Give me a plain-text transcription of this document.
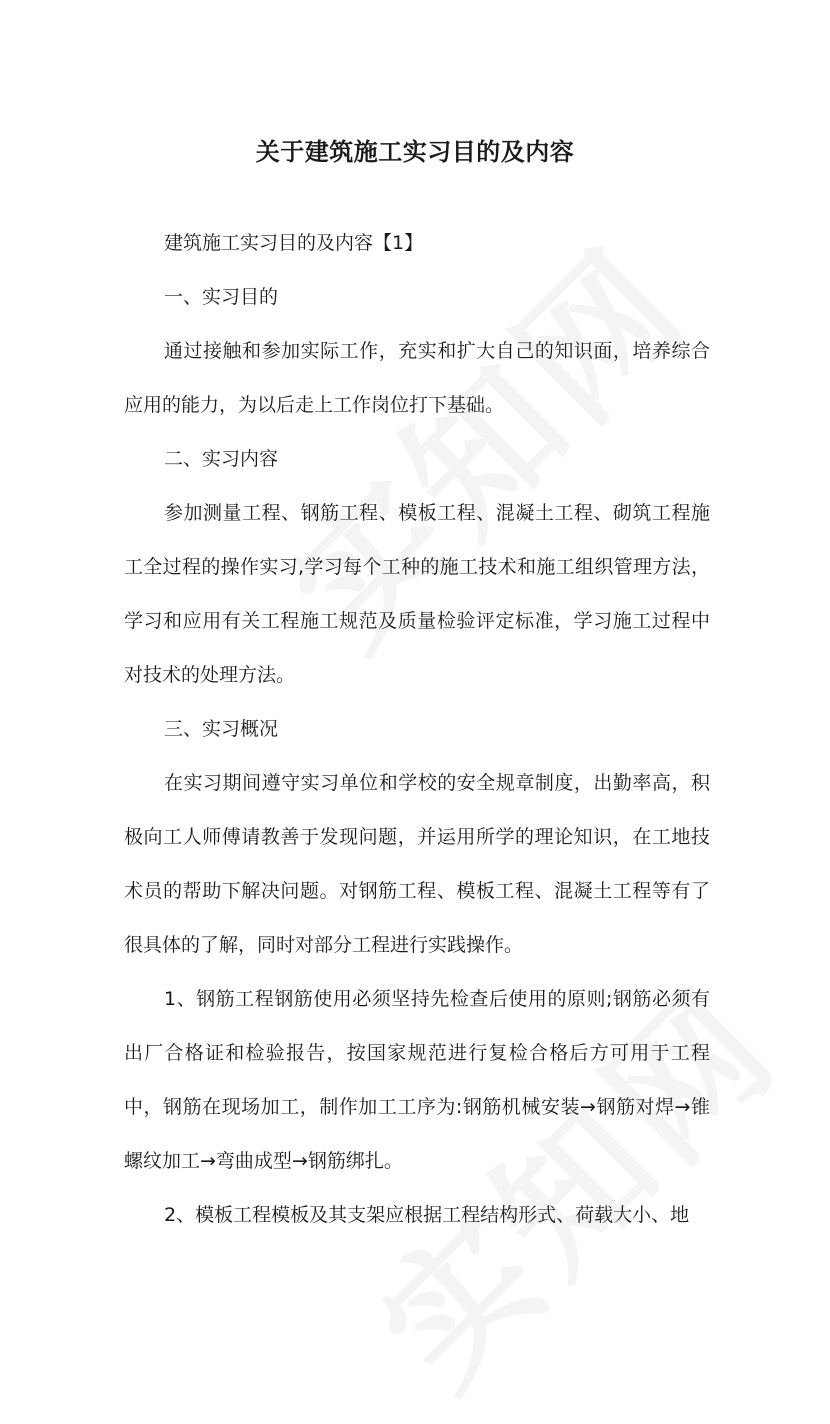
关于建筑施工实习目的及内容

建筑施工实习目的及内容【1】

一、实习目的

通过接触和参加实际工作，充实和扩大自己的知识面，培养综合应用的能力，为以后走上工作岗位打下基础。

二、实习内容

参加测量工程、钢筋工程、模板工程、混凝土工程、砌筑工程施工全过程的操作实习,学习每个工种的施工技术和施工组织管理方法，学习和应用有关工程施工规范及质量检验评定标准，学习施工过程中对技术的处理方法。

三、实习概况

在实习期间遵守实习单位和学校的安全规章制度，出勤率高，积极向工人师傅请教善于发现问题，并运用所学的理论知识，在工地技术员的帮助下解决问题。对钢筋工程、模板工程、混凝土工程等有了很具体的了解，同时对部分工程进行实践操作。

1、钢筋工程钢筋使用必须坚持先检查后使用的原则;钢筋必须有出厂合格证和检验报告，按国家规范进行复检合格后方可用于工程中，钢筋在现场加工，制作加工工序为:钢筋机械安装→钢筋对焊→锥螺纹加工→弯曲成型→钢筋绑扎。

2、模板工程模板及其支架应根据工程结构形式、荷载大小、地
